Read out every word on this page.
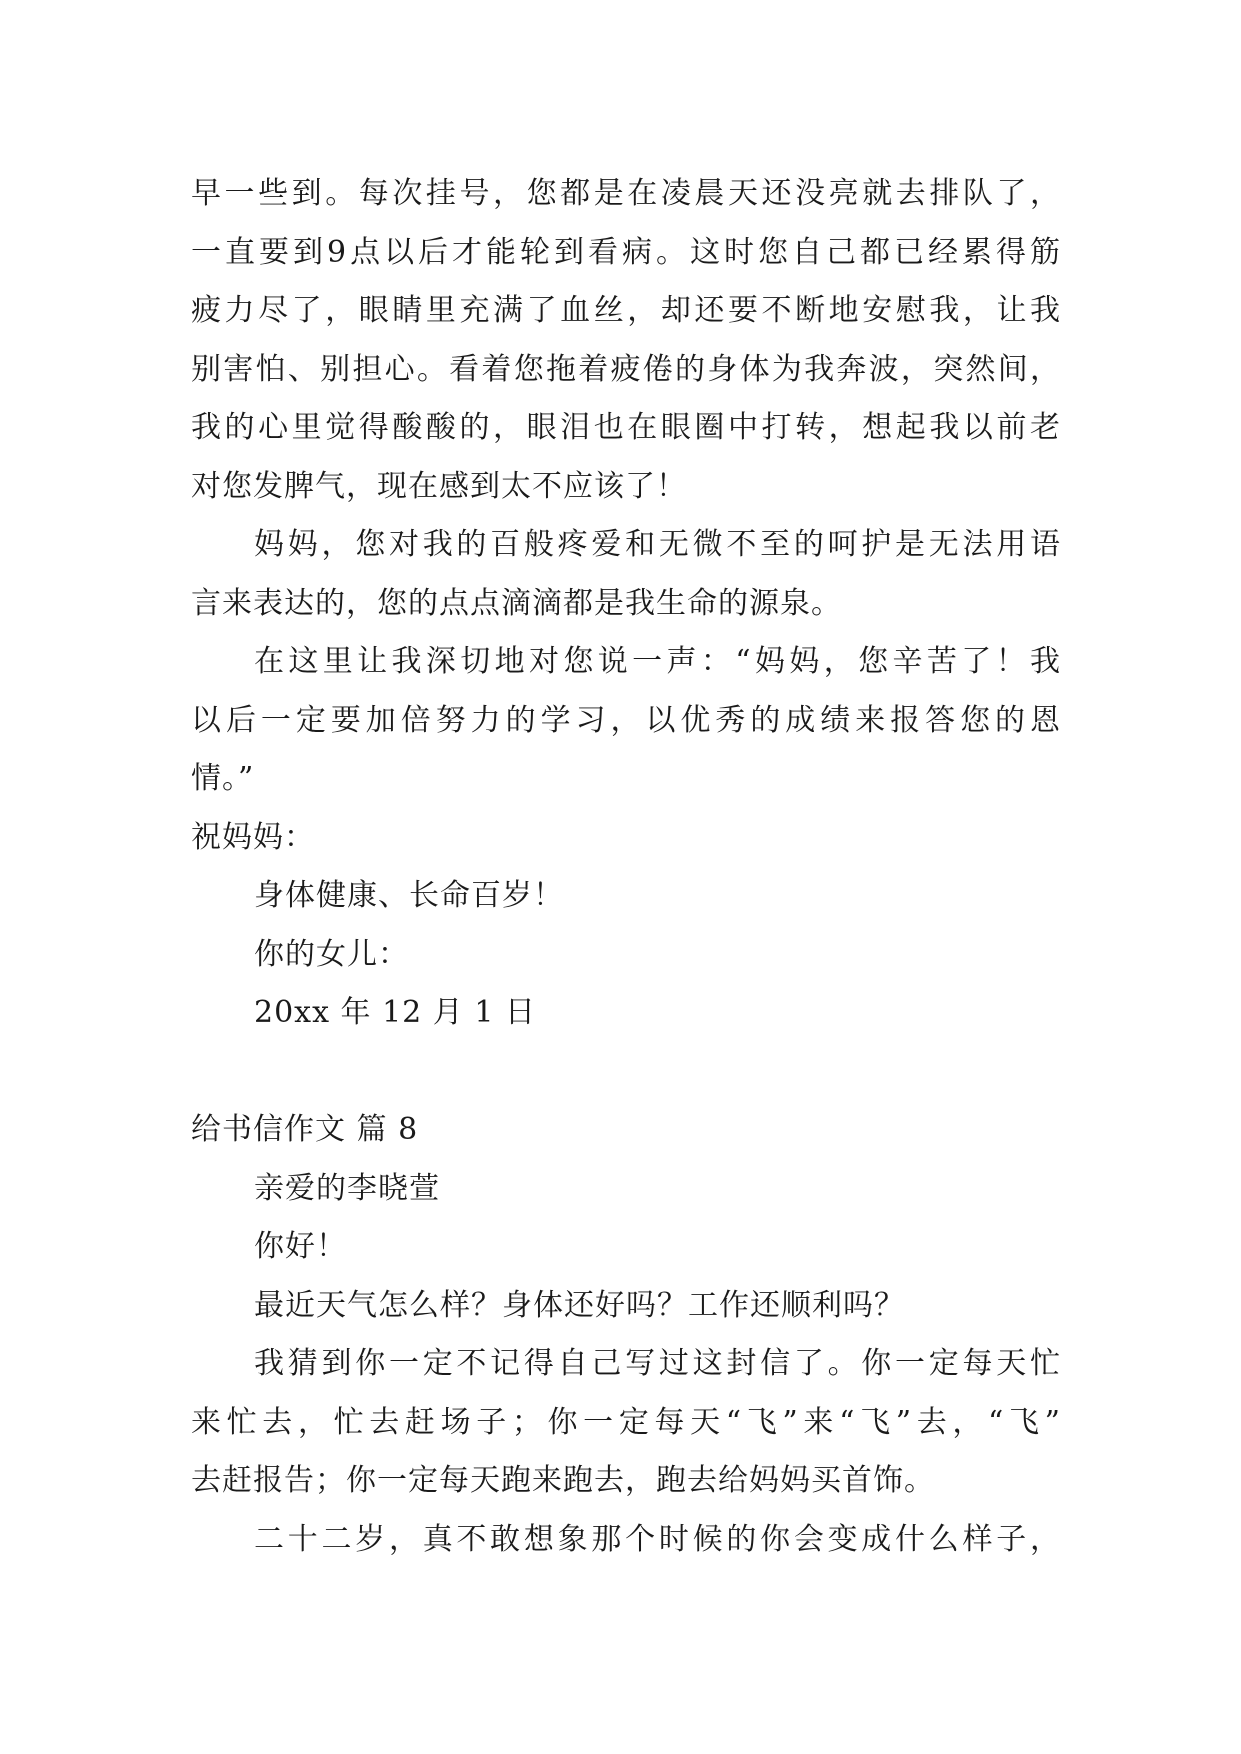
早一些到。每次挂号，您都是在凌晨天还没亮就去排队了，
一直要到9点以后才能轮到看病。这时您自己都已经累得筋
疲力尽了，眼睛里充满了血丝，却还要不断地安慰我，让我
别害怕、别担心。看着您拖着疲倦的身体为我奔波，突然间，
我的心里觉得酸酸的，眼泪也在眼圈中打转，想起我以前老
对您发脾气，现在感到太不应该了！
妈妈，您对我的百般疼爱和无微不至的呵护是无法用语
言来表达的，您的点点滴滴都是我生命的源泉。
在这里让我深切地对您说一声：“妈妈，您辛苦了！我
以后一定要加倍努力的学习，以优秀的成绩来报答您的恩
情。”
祝妈妈：
身体健康、长命百岁！
你的女儿：
20xx 年 12 月 1 日
给书信作文 篇 8
亲爱的李晓萱
你好！
最近天气怎么样？身体还好吗？工作还顺利吗？
我猜到你一定不记得自己写过这封信了。你一定每天忙
来忙去，忙去赶场子；你一定每天“飞”来“飞”去，“飞”
去赶报告；你一定每天跑来跑去，跑去给妈妈买首饰。
二十二岁，真不敢想象那个时候的你会变成什么样子，
